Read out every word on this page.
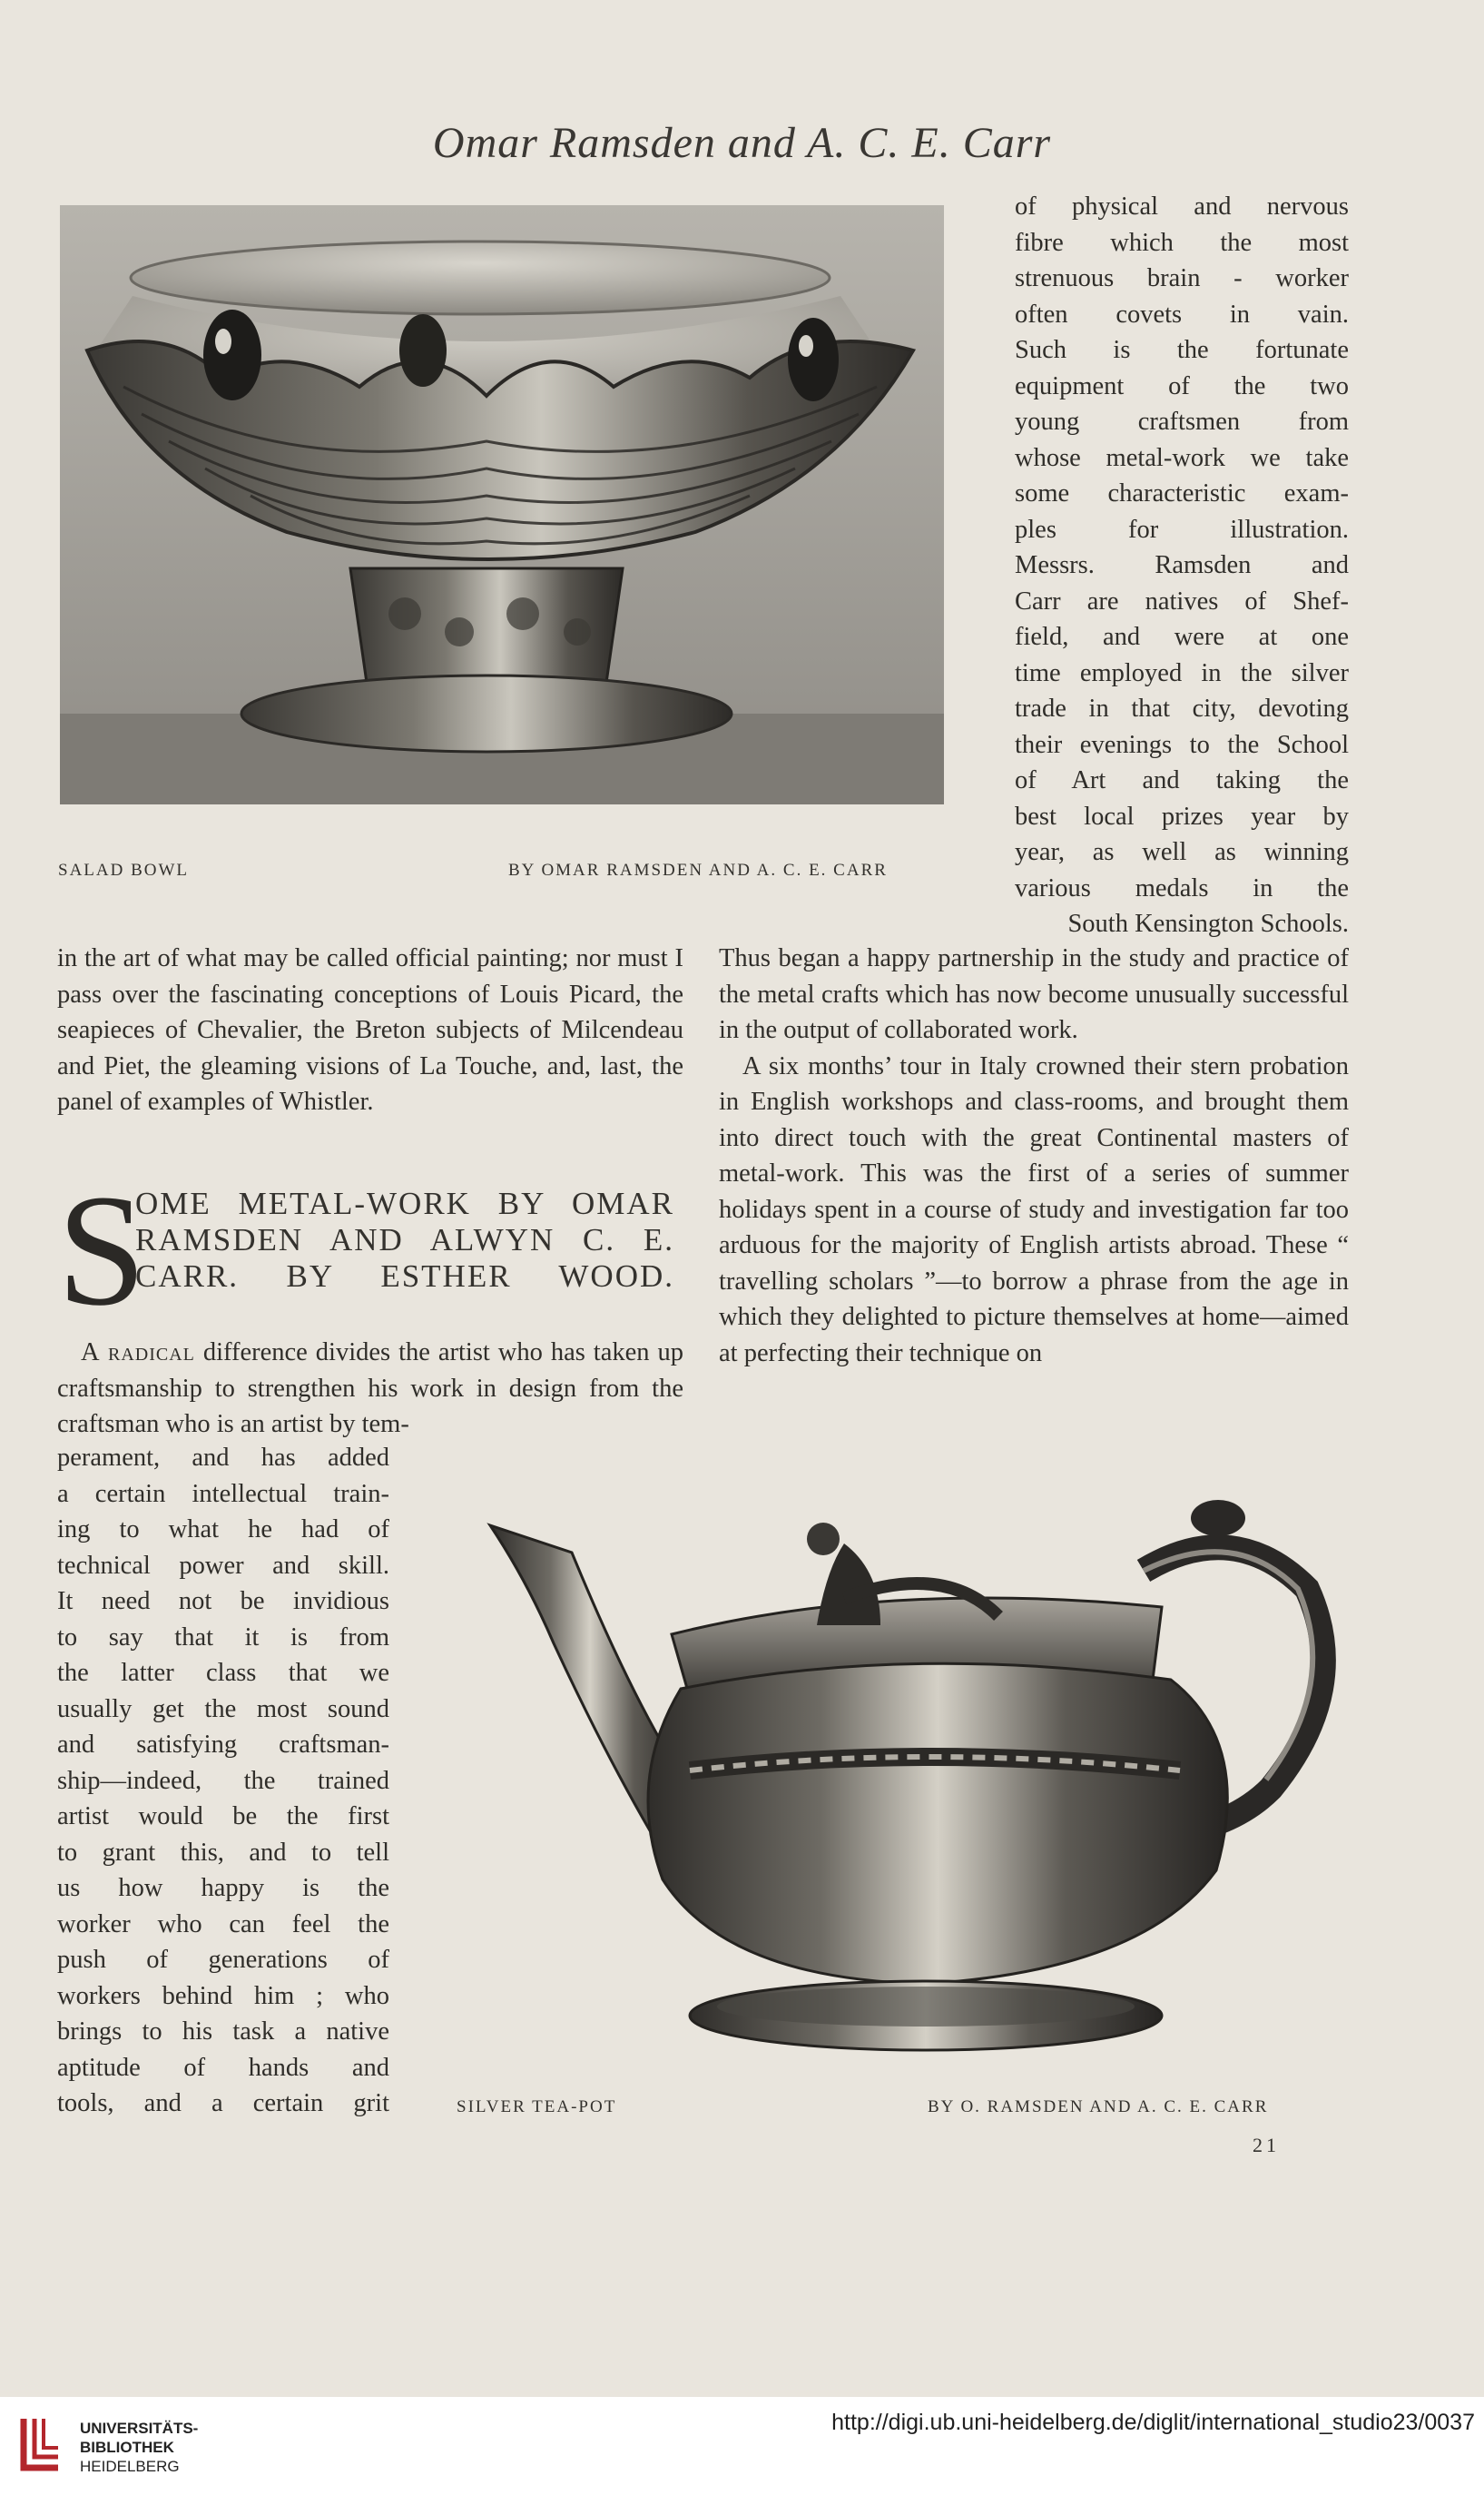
Omar Ramsden and A. C. E. Carr
SALAD BOWL	BY OMAR RAMSDEN AND A. C. E. CARR
of physical and nervous
fibre which the most
strenuous brain - worker
often covets in vain.
Such is the fortunate
equipment of the two
young craftsmen from
whose metal-work we take
some characteristic exam-
ples for illustration.
Messrs. Ramsden and
Carr are natives of Shef-
field, and were at one
time employed in the silver
trade in that city, devoting
their evenings to the School
of Art and taking the
best local prizes year by
year, as well as winning
various medals in the
South Kensington Schools.

in the art of what may be called official painting; nor must I pass over the fascinating conceptions of Louis Picard, the seapieces of Chevalier, the Breton subjects of Milcendeau and Piet, the gleaming visions of La Touche, and, last, the panel of examples of Whistler.

S
OME METAL-WORK BY OMAR
RAMSDEN AND ALWYN C. E.
CARR. BY ESTHER WOOD.

A radical difference divides the artist who has taken up craftsmanship to strengthen his work in design from the craftsman who is an artist by tem-

perament, and has added
a certain intellectual train-
ing to what he had of
technical power and skill.
It need not be invidious
to say that it is from
the latter class that we
usually get the most sound
and satisfying craftsman-
ship—indeed, the trained
artist would be the first
to grant this, and to tell
us how happy is the
worker who can feel the
push of generations of
workers behind him ; who
brings to his task a native
aptitude of hands and
tools, and a certain grit

Thus began a happy partnership in the study and practice of the metal crafts which has now become unusually successful in the output of collaborated work.

A six months’ tour in Italy crowned their stern probation in English workshops and class-rooms, and brought them into direct touch with the great Continental masters of metal-work. This was the first of a series of summer holidays spent in a course of study and investigation far too arduous for the majority of English artists abroad. These “ travelling scholars ”—to borrow a phrase from the age in which they delighted to picture themselves at home—aimed at perfecting their technique on

SILVER TEA-POT	BY O. RAMSDEN AND A. C. E. CARR
21
UNIVERSITÄTS-
BIBLIOTHEK
HEIDELBERG
http://digi.ub.uni-heidelberg.de/diglit/international_studio23/0037
